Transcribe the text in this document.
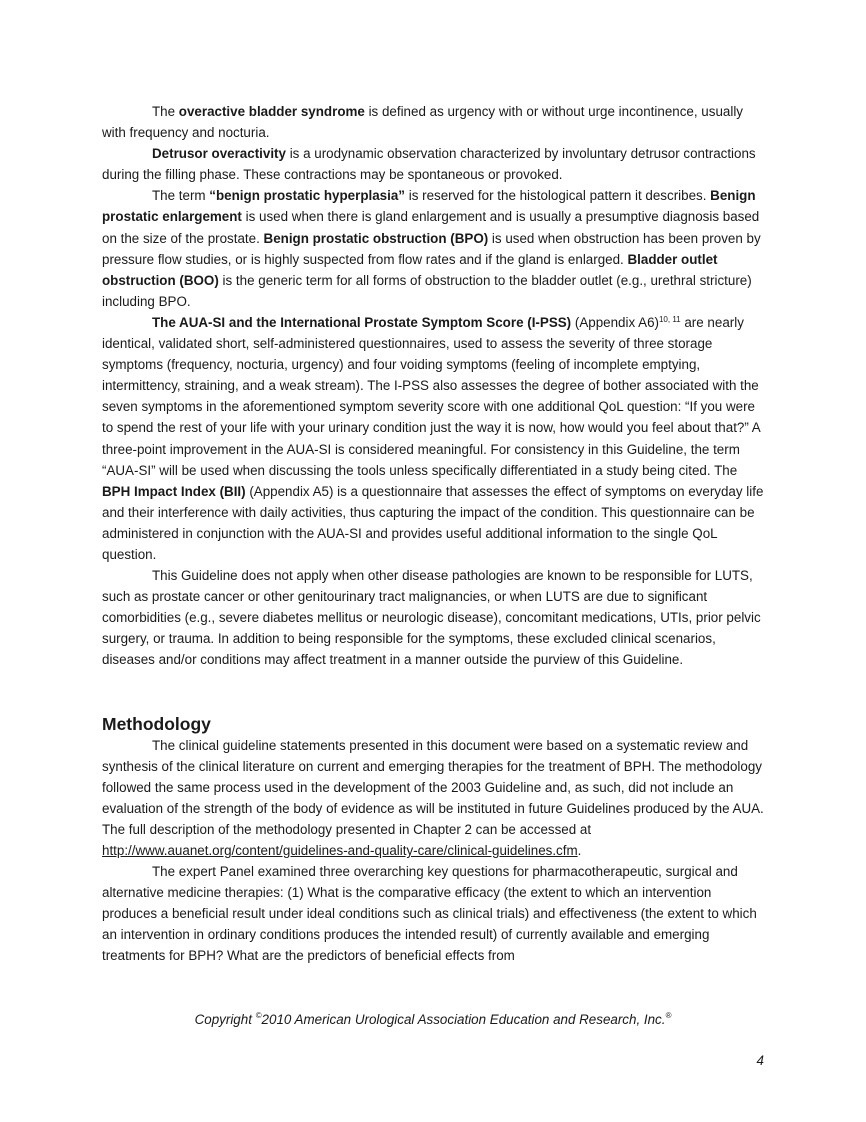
The overactive bladder syndrome is defined as urgency with or without urge incontinence, usually with frequency and nocturia.

Detrusor overactivity is a urodynamic observation characterized by involuntary detrusor contractions during the filling phase. These contractions may be spontaneous or provoked.

The term “benign prostatic hyperplasia” is reserved for the histological pattern it describes. Benign prostatic enlargement is used when there is gland enlargement and is usually a presumptive diagnosis based on the size of the prostate. Benign prostatic obstruction (BPO) is used when obstruction has been proven by pressure flow studies, or is highly suspected from flow rates and if the gland is enlarged. Bladder outlet obstruction (BOO) is the generic term for all forms of obstruction to the bladder outlet (e.g., urethral stricture) including BPO.

The AUA-SI and the International Prostate Symptom Score (I-PSS) (Appendix A6)$^{10, 11}$ are nearly identical, validated short, self-administered questionnaires, used to assess the severity of three storage symptoms (frequency, nocturia, urgency) and four voiding symptoms (feeling of incomplete emptying, intermittency, straining, and a weak stream). The I-PSS also assesses the degree of bother associated with the seven symptoms in the aforementioned symptom severity score with one additional QoL question: “If you were to spend the rest of your life with your urinary condition just the way it is now, how would you feel about that?” A three-point improvement in the AUA-SI is considered meaningful. For consistency in this Guideline, the term “AUA-SI” will be used when discussing the tools unless specifically differentiated in a study being cited. The BPH Impact Index (BII) (Appendix A5) is a questionnaire that assesses the effect of symptoms on everyday life and their interference with daily activities, thus capturing the impact of the condition. This questionnaire can be administered in conjunction with the AUA-SI and provides useful additional information to the single QoL question.

This Guideline does not apply when other disease pathologies are known to be responsible for LUTS, such as prostate cancer or other genitourinary tract malignancies, or when LUTS are due to significant comorbidities (e.g., severe diabetes mellitus or neurologic disease), concomitant medications, UTIs, prior pelvic surgery, or trauma. In addition to being responsible for the symptoms, these excluded clinical scenarios, diseases and/or conditions may affect treatment in a manner outside the purview of this Guideline.

Methodology

The clinical guideline statements presented in this document were based on a systematic review and synthesis of the clinical literature on current and emerging therapies for the treatment of BPH. The methodology followed the same process used in the development of the 2003 Guideline and, as such, did not include an evaluation of the strength of the body of evidence as will be instituted in future Guidelines produced by the AUA. The full description of the methodology presented in Chapter 2 can be accessed at http://www.auanet.org/content/guidelines-and-quality-care/clinical-guidelines.cfm.

The expert Panel examined three overarching key questions for pharmacotherapeutic, surgical and alternative medicine therapies: (1) What is the comparative efficacy (the extent to which an intervention produces a beneficial result under ideal conditions such as clinical trials) and effectiveness (the extent to which an intervention in ordinary conditions produces the intended result) of currently available and emerging treatments for BPH? What are the predictors of beneficial effects from

Copyright ©2010 American Urological Association Education and Research, Inc.®
4
